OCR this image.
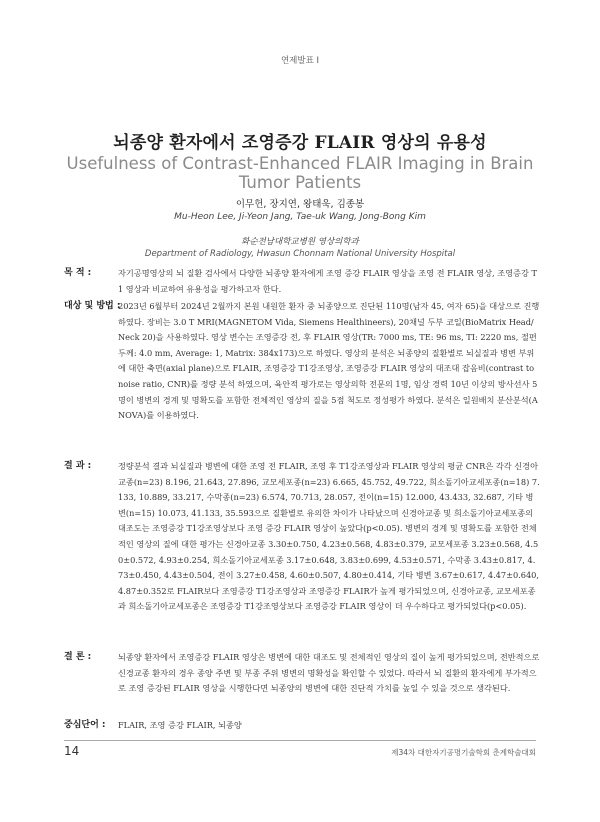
연제발표 Ι
뇌종양 환자에서 조영증강 FLAIR 영상의 유용성
Usefulness of Contrast-Enhanced FLAIR Imaging in Brain Tumor Patients
이무헌, 장지연, 왕태욱, 김종봉
Mu-Heon Lee, Ji-Yeon Jang, Tae-uk Wang, Jong-Bong Kim
화순전남대학교병원 영상의학과
Department of Radiology, Hwasun Chonnam National University Hospital
목 적 :	자기공명영상의 뇌 질환 검사에서 다양한 뇌종양 환자에게 조영 증강 FLAIR 영상을 조영 전 FLAIR 영상, 조영증강 T1 영상과 비교하여 유용성을 평가하고자 한다.
대상 및 방법 :
2023년 6월부터 2024년 2월까지 본원 내원한 환자 중 뇌종양으로 진단된 110명(남자 45, 여자 65)을 대상으로 진행하였다. 장비는 3.0 T MRI(MAGNETOM Vida, Siemens Healthineers), 20채널 두부 코일(BioMatrix Head/Neck 20)을 사용하였다. 영상 변수는 조영증강 전, 후 FLAIR 영상(TR: 7000 ms, TE: 96 ms, TI: 2220 ms, 절편두께: 4.0 mm, Average: 1, Matrix: 384x173)으로 하였다. 영상의 분석은 뇌종양의 질환별로 뇌실질과 병변 부위에 대한 축면(axial plane)으로 FLAIR, 조영증강 T1강조영상, 조영증강 FLAIR 영상의 대조대 잡음비(contrast to noise ratio, CNR)를 정량 분석 하였으며, 육안적 평가로는 영상의학 전문의 1명, 임상 경력 10년 이상의 방사선사 5명이 병변의 경계 및 명확도를 포함한 전체적인 영상의 질을 5점 척도로 정성평가 하였다. 분석은 일원배치 분산분석(ANOVA)를 이용하였다.
결 과 :	정량분석 결과 뇌실질과 병변에 대한 조영 전 FLAIR, 조영 후 T1강조영상과 FLAIR 영상의 평균 CNR은 각각 신경아교종(n=23) 8.196, 21.643, 27.896, 교모세포종(n=23) 6.665, 45.752, 49.722, 희소돌기아교세포종(n=18) 7.133, 10.889, 33.217, 수막종(n=23) 6.574, 70.713, 28.057, 전이(n=15) 12.000, 43.433, 32.687, 기타 병변(n=15) 10.073, 41.133, 35.593으로 질환별로 유의한 차이가 나타났으며 신경아교종 및 희소돌기아교세포종의 대조도는 조영증강 T1강조영상보다 조영 증강 FLAIR 영상이 높았다(p<0.05). 병변의 경계 및 명확도를 포함한 전체적인 영상의 질에 대한 평가는 신경아교종 3.30±0.750, 4.23±0.568, 4.83±0.379, 교모세포종 3.23±0.568, 4.50±0.572, 4.93±0.254, 희소돌기아교세포종 3.17±0.648, 3.83±0.699, 4.53±0.571, 수막종 3.43±0.817, 4.73±0.450, 4.43±0.504, 전이 3.27±0.458, 4.60±0.507, 4.80±0.414, 기타 병변 3.67±0.617, 4.47±0.640, 4.87±0.352로 FLAIR보다 조영증강 T1강조영상과 조영증강 FLAIR가 높게 평가되었으며, 신경아교종, 교모세포종과 희소돌기아교세포종은 조영증강 T1강조영상보다 조영증강 FLAIR 영상이 더 우수하다고 평가되었다(p<0.05).
결 론 :	뇌종양 환자에서 조영증강 FLAIR 영상은 병변에 대한 대조도 및 전체적인 영상의 질이 높게 평가되었으며, 전반적으로 신경교종 환자의 경우 종양 주변 및 부종 주위 병변의 명확성을 확인할 수 있었다. 따라서 뇌 질환의 환자에게 부가적으로 조영 증강된 FLAIR 영상을 시행한다면 뇌종양의 병변에 대한 진단적 가치를 높일 수 있을 것으로 생각된다.
중심단어 : FLAIR, 조영 증강 FLAIR, 뇌종양
14	제34차 대한자기공명기술학회 춘계학술대회
